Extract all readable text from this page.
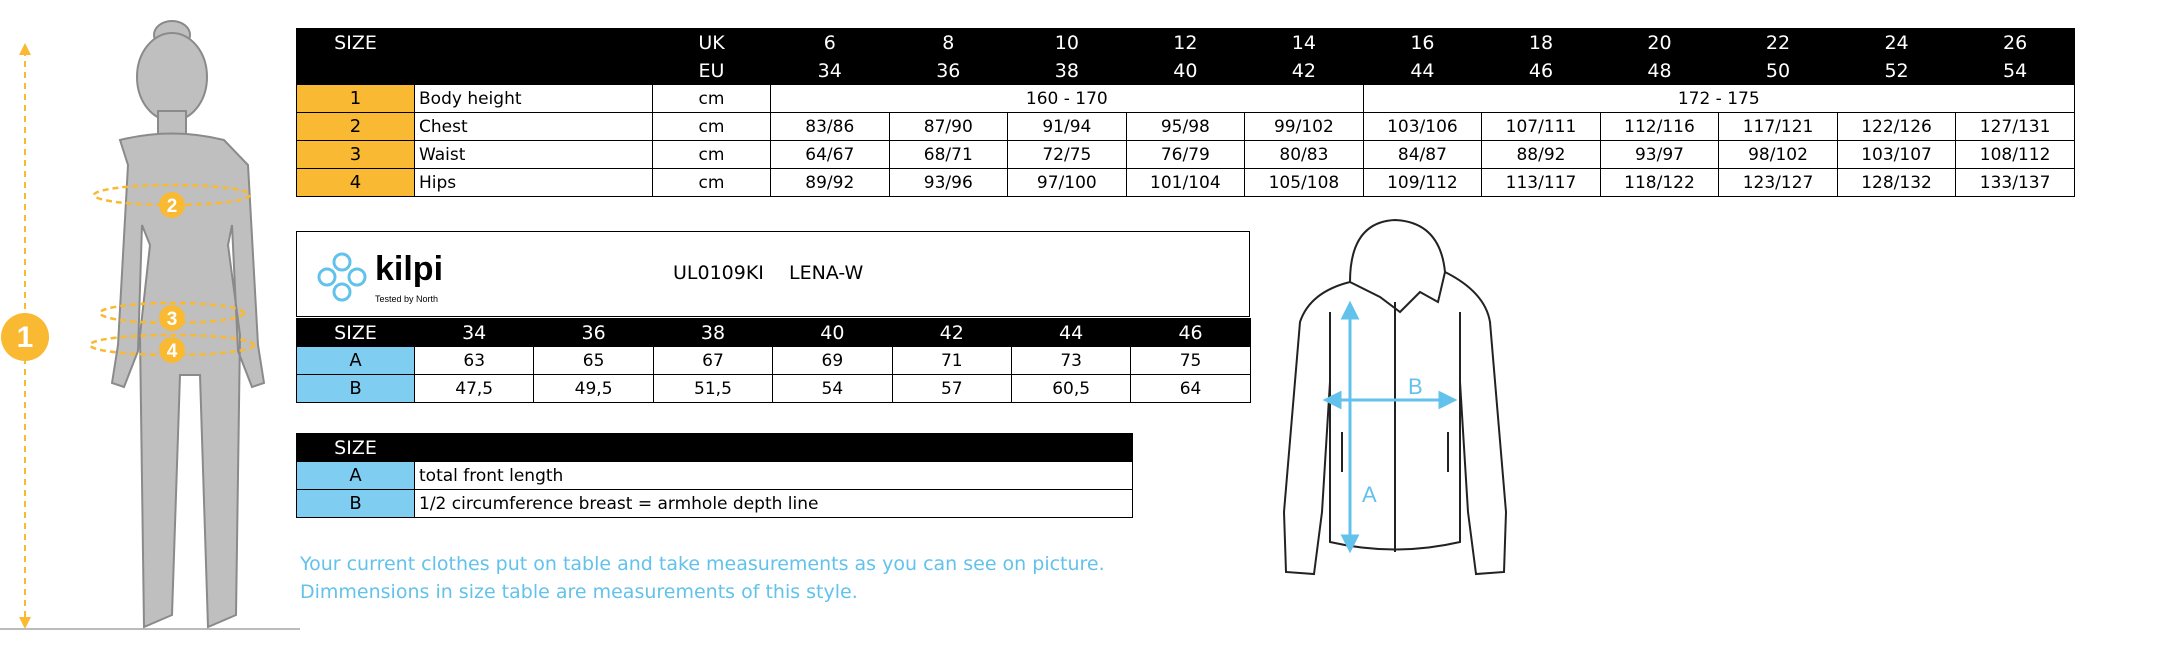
1
2
3
4
SIZE		UK	6	8	10	12	14	16	18	20	22	24	26
		EU	34	36	38	40	42	44	46	48	50	52	54
1	Body height	cm	160 - 170					172 - 175					
2	Chest	cm	83/86	87/90	91/94	95/98	99/102	103/106	107/111	112/116	117/121	122/126	127/131
3	Waist	cm	64/67	68/71	72/75	76/79	80/83	84/87	88/92	93/97	98/102	103/107	108/112
4	Hips	cm	89/92	93/96	97/100	101/104	105/108	109/112	113/117	118/122	123/127	128/132	133/137
kilpi
Tested by North
UL0109KI LENA-W
SIZE	34	36	38	40	42	44	46
A	63	65	67	69	71	73	75
B	47,5	49,5	51,5	54	57	60,5	64
SIZE	
A	total front length
B	1/2 circumference breast = armhole depth line
Your current clothes put on table and take measurements as you can see on picture.
Dimmensions in size table are measurements of this style.
A
B
